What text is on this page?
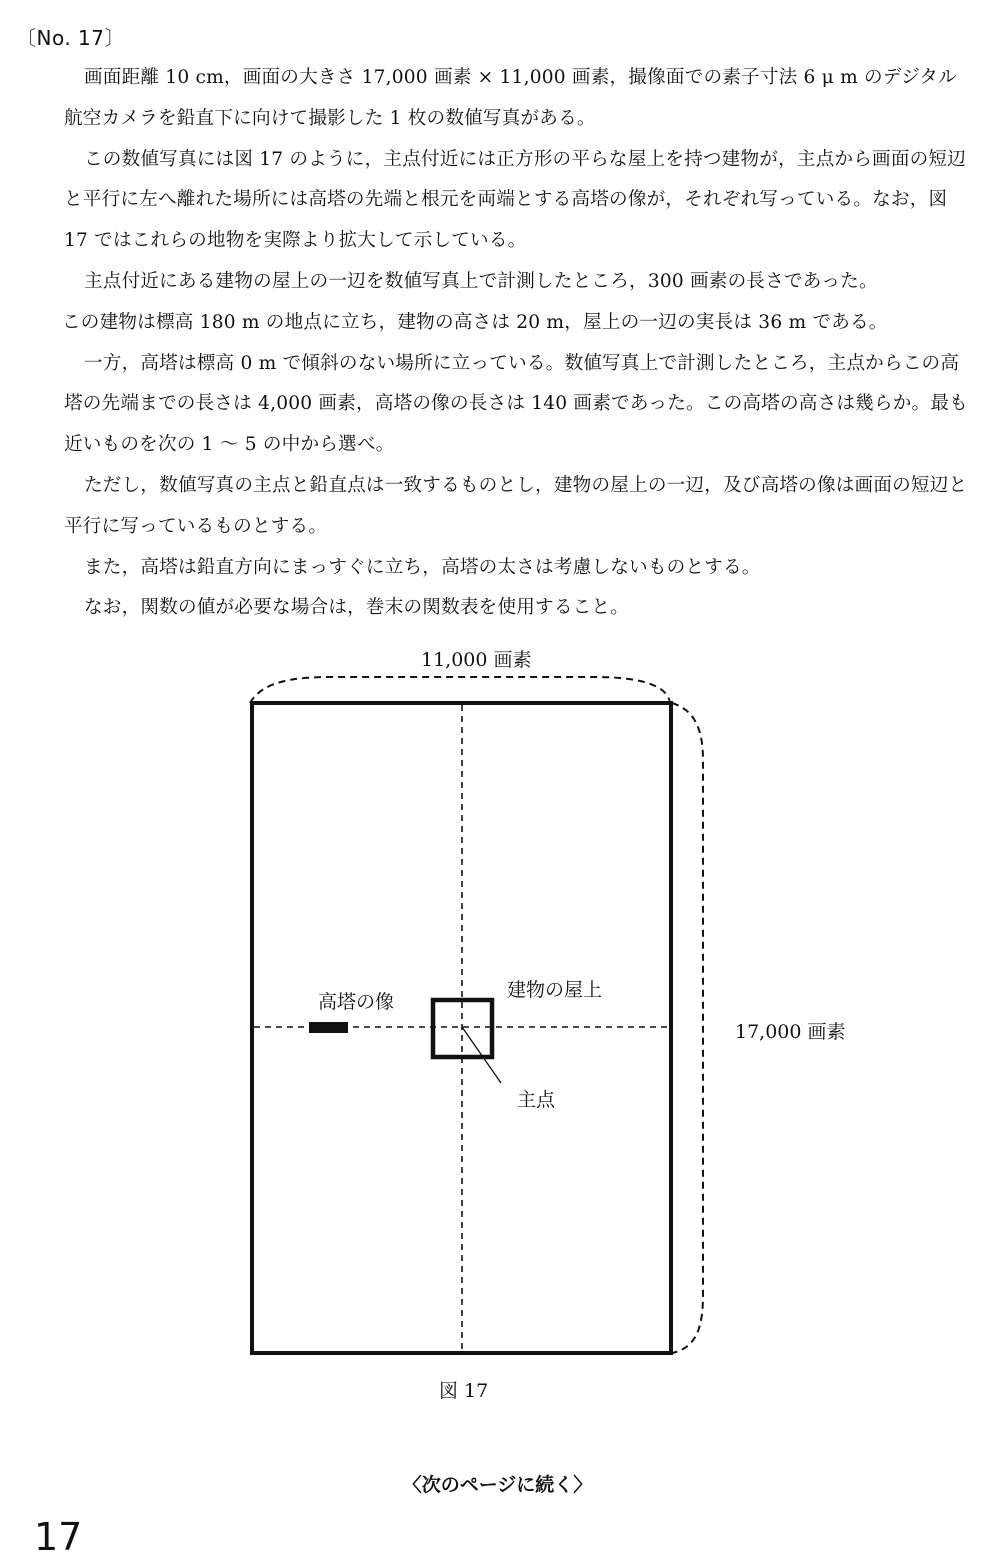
〔No. 17〕

画面距離 10 cm，画面の大きさ 17,000 画素 × 11,000 画素，撮像面での素子寸法 6 μ m のデジタル航空カメラを鉛直下に向けて撮影した 1 枚の数値写真がある。

この数値写真には図 17 のように，主点付近には正方形の平らな屋上を持つ建物が，主点から画面の短辺と平行に左へ離れた場所には高塔の先端と根元を両端とする高塔の像が，それぞれ写っている。なお，図 17 ではこれらの地物を実際より拡大して示している。

主点付近にある建物の屋上の一辺を数値写真上で計測したところ，300 画素の長さであった。

この建物は標高 180 m の地点に立ち，建物の高さは 20 m，屋上の一辺の実長は 36 m である。

一方，高塔は標高 0 m で傾斜のない場所に立っている。数値写真上で計測したところ，主点からこの高塔の先端までの長さは 4,000 画素，高塔の像の長さは 140 画素であった。この高塔の高さは幾らか。最も近いものを次の 1 ～ 5 の中から選べ。

ただし，数値写真の主点と鉛直点は一致するものとし，建物の屋上の一辺，及び高塔の像は画面の短辺と平行に写っているものとする。

また，高塔は鉛直方向にまっすぐに立ち，高塔の太さは考慮しないものとする。

なお，関数の値が必要な場合は，巻末の関数表を使用すること。

11,000 画素
17,000 画素
高塔の像
建物の屋上
主点
図 17
〈次のページに続く〉
17
